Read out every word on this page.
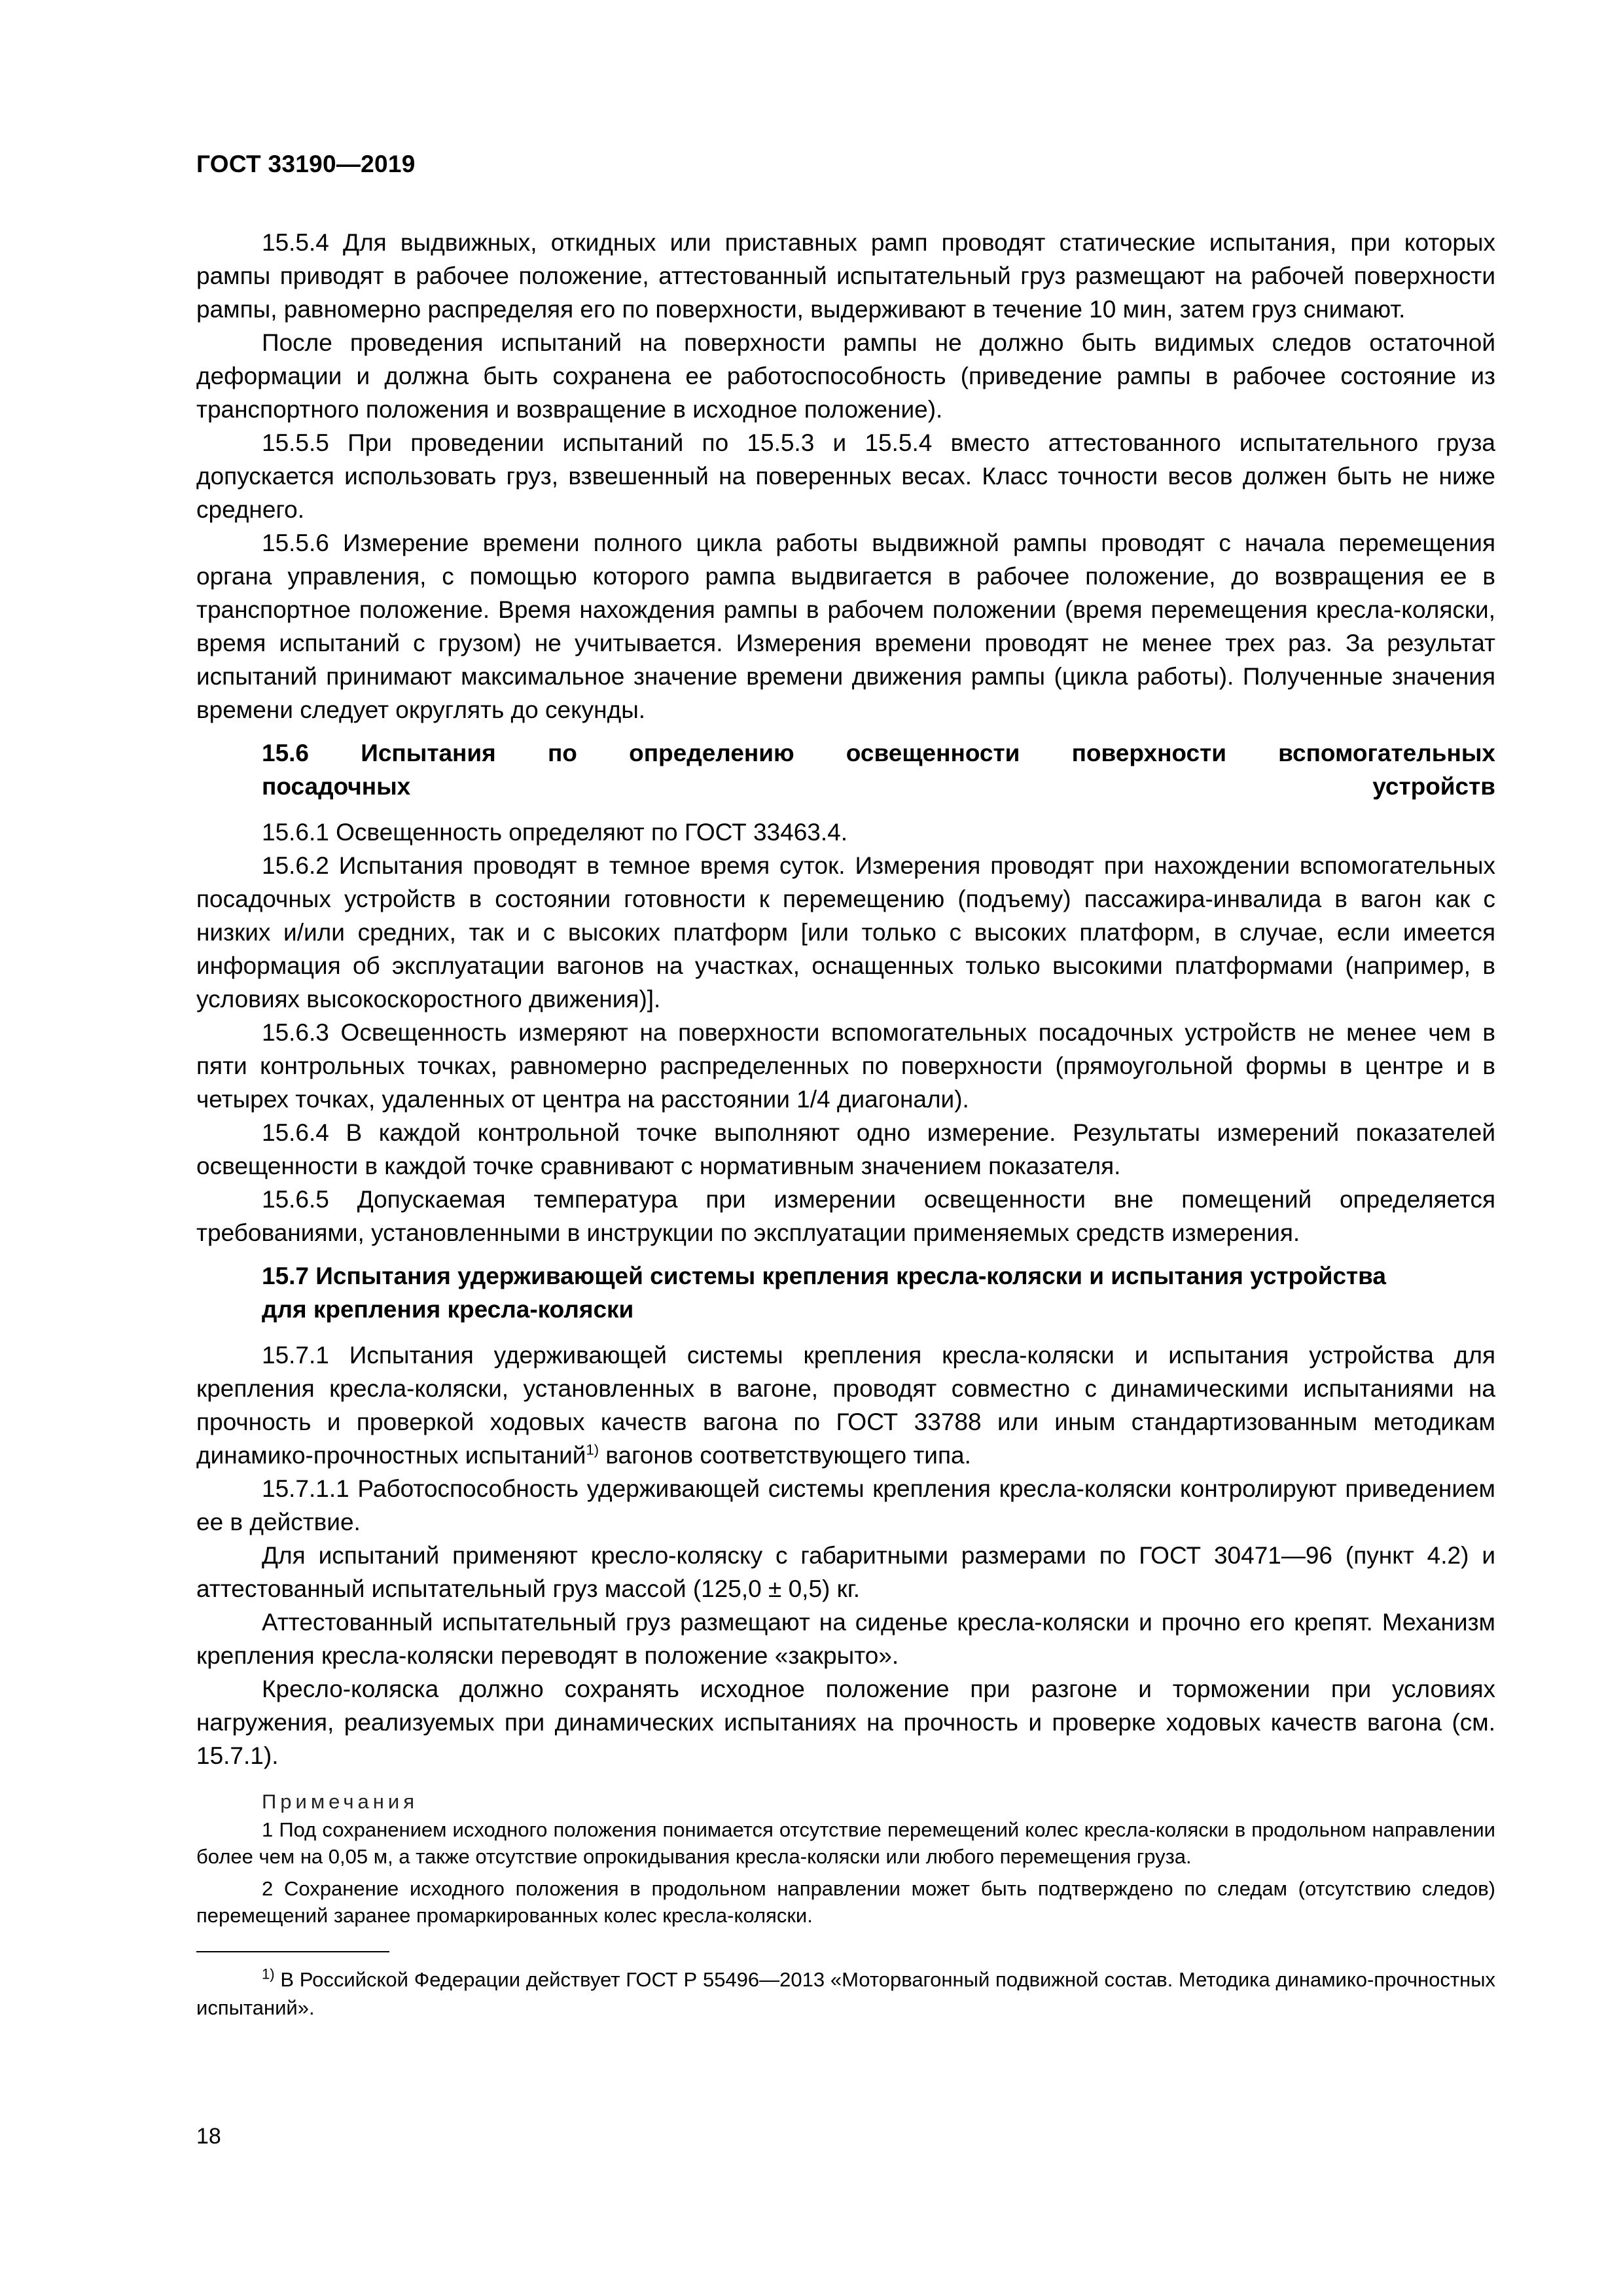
ГОСТ 33190—2019

15.5.4 Для выдвижных, откидных или приставных рамп проводят статические испытания, при которых рампы приводят в рабочее положение, аттестованный испытательный груз размещают на рабочей поверхности рампы, равномерно распределяя его по поверхности, выдерживают в течение 10 мин, затем груз снимают.

После проведения испытаний на поверхности рампы не должно быть видимых следов остаточной деформации и должна быть сохранена ее работоспособность (приведение рампы в рабочее состояние из транспортного положения и возвращение в исходное положение).

15.5.5 При проведении испытаний по 15.5.3 и 15.5.4 вместо аттестованного испытательного груза допускается использовать груз, взвешенный на поверенных весах. Класс точности весов должен быть не ниже среднего.

15.5.6 Измерение времени полного цикла работы выдвижной рампы проводят с начала перемещения органа управления, с помощью которого рампа выдвигается в рабочее положение, до возвращения ее в транспортное положение. Время нахождения рампы в рабочем положении (время перемещения кресла-коляски, время испытаний с грузом) не учитывается. Измерения времени проводят не менее трех раз. За результат испытаний принимают максимальное значение времени движения рампы (цикла работы). Полученные значения времени следует округлять до секунды.

15.6 Испытания по определению освещенности поверхности вспомогательных
посадочных устройств

15.6.1 Освещенность определяют по ГОСТ 33463.4.

15.6.2 Испытания проводят в темное время суток. Измерения проводят при нахождении вспомогательных посадочных устройств в состоянии готовности к перемещению (подъему) пассажира-инвалида в вагон как с низких и/или средних, так и с высоких платформ [или только с высоких платформ, в случае, если имеется информация об эксплуатации вагонов на участках, оснащенных только высокими платформами (например, в условиях высокоскоростного движения)].

15.6.3 Освещенность измеряют на поверхности вспомогательных посадочных устройств не менее чем в пяти контрольных точках, равномерно распределенных по поверхности (прямоугольной формы в центре и в четырех точках, удаленных от центра на расстоянии 1/4 диагонали).

15.6.4 В каждой контрольной точке выполняют одно измерение. Результаты измерений показателей освещенности в каждой точке сравнивают с нормативным значением показателя.

15.6.5 Допускаемая температура при измерении освещенности вне помещений определяется требованиями, установленными в инструкции по эксплуатации применяемых средств измерения.

15.7 Испытания удерживающей системы крепления кресла-коляски и испытания устройства
для крепления кресла-коляски

15.7.1 Испытания удерживающей системы крепления кресла-коляски и испытания устройства для крепления кресла-коляски, установленных в вагоне, проводят совместно с динамическими испытаниями на прочность и проверкой ходовых качеств вагона по ГОСТ 33788 или иным стандартизованным методикам динамико-прочностных испытаний$^{1)}$ вагонов соответствующего типа.

15.7.1.1 Работоспособность удерживающей системы крепления кресла-коляски контролируют приведением ее в действие.

Для испытаний применяют кресло-коляску с габаритными размерами по ГОСТ 30471—96 (пункт 4.2) и аттестованный испытательный груз массой (125,0 ± 0,5) кг.

Аттестованный испытательный груз размещают на сиденье кресла-коляски и прочно его крепят. Механизм крепления кресла-коляски переводят в положение «закрыто».

Кресло-коляска должно сохранять исходное положение при разгоне и торможении при условиях нагружения, реализуемых при динамических испытаниях на прочность и проверке ходовых качеств вагона (см. 15.7.1).

Примечания

1 Под сохранением исходного положения понимается отсутствие перемещений колес кресла-коляски в продольном направлении более чем на 0,05 м, а также отсутствие опрокидывания кресла-коляски или любого перемещения груза.

2 Сохранение исходного положения в продольном направлении может быть подтверждено по следам (отсутствию следов) перемещений заранее промаркированных колес кресла-коляски.

$^{1)}$ В Российской Федерации действует ГОСТ Р 55496—2013 «Моторвагонный подвижной состав. Методика динамико-прочностных испытаний».

18
